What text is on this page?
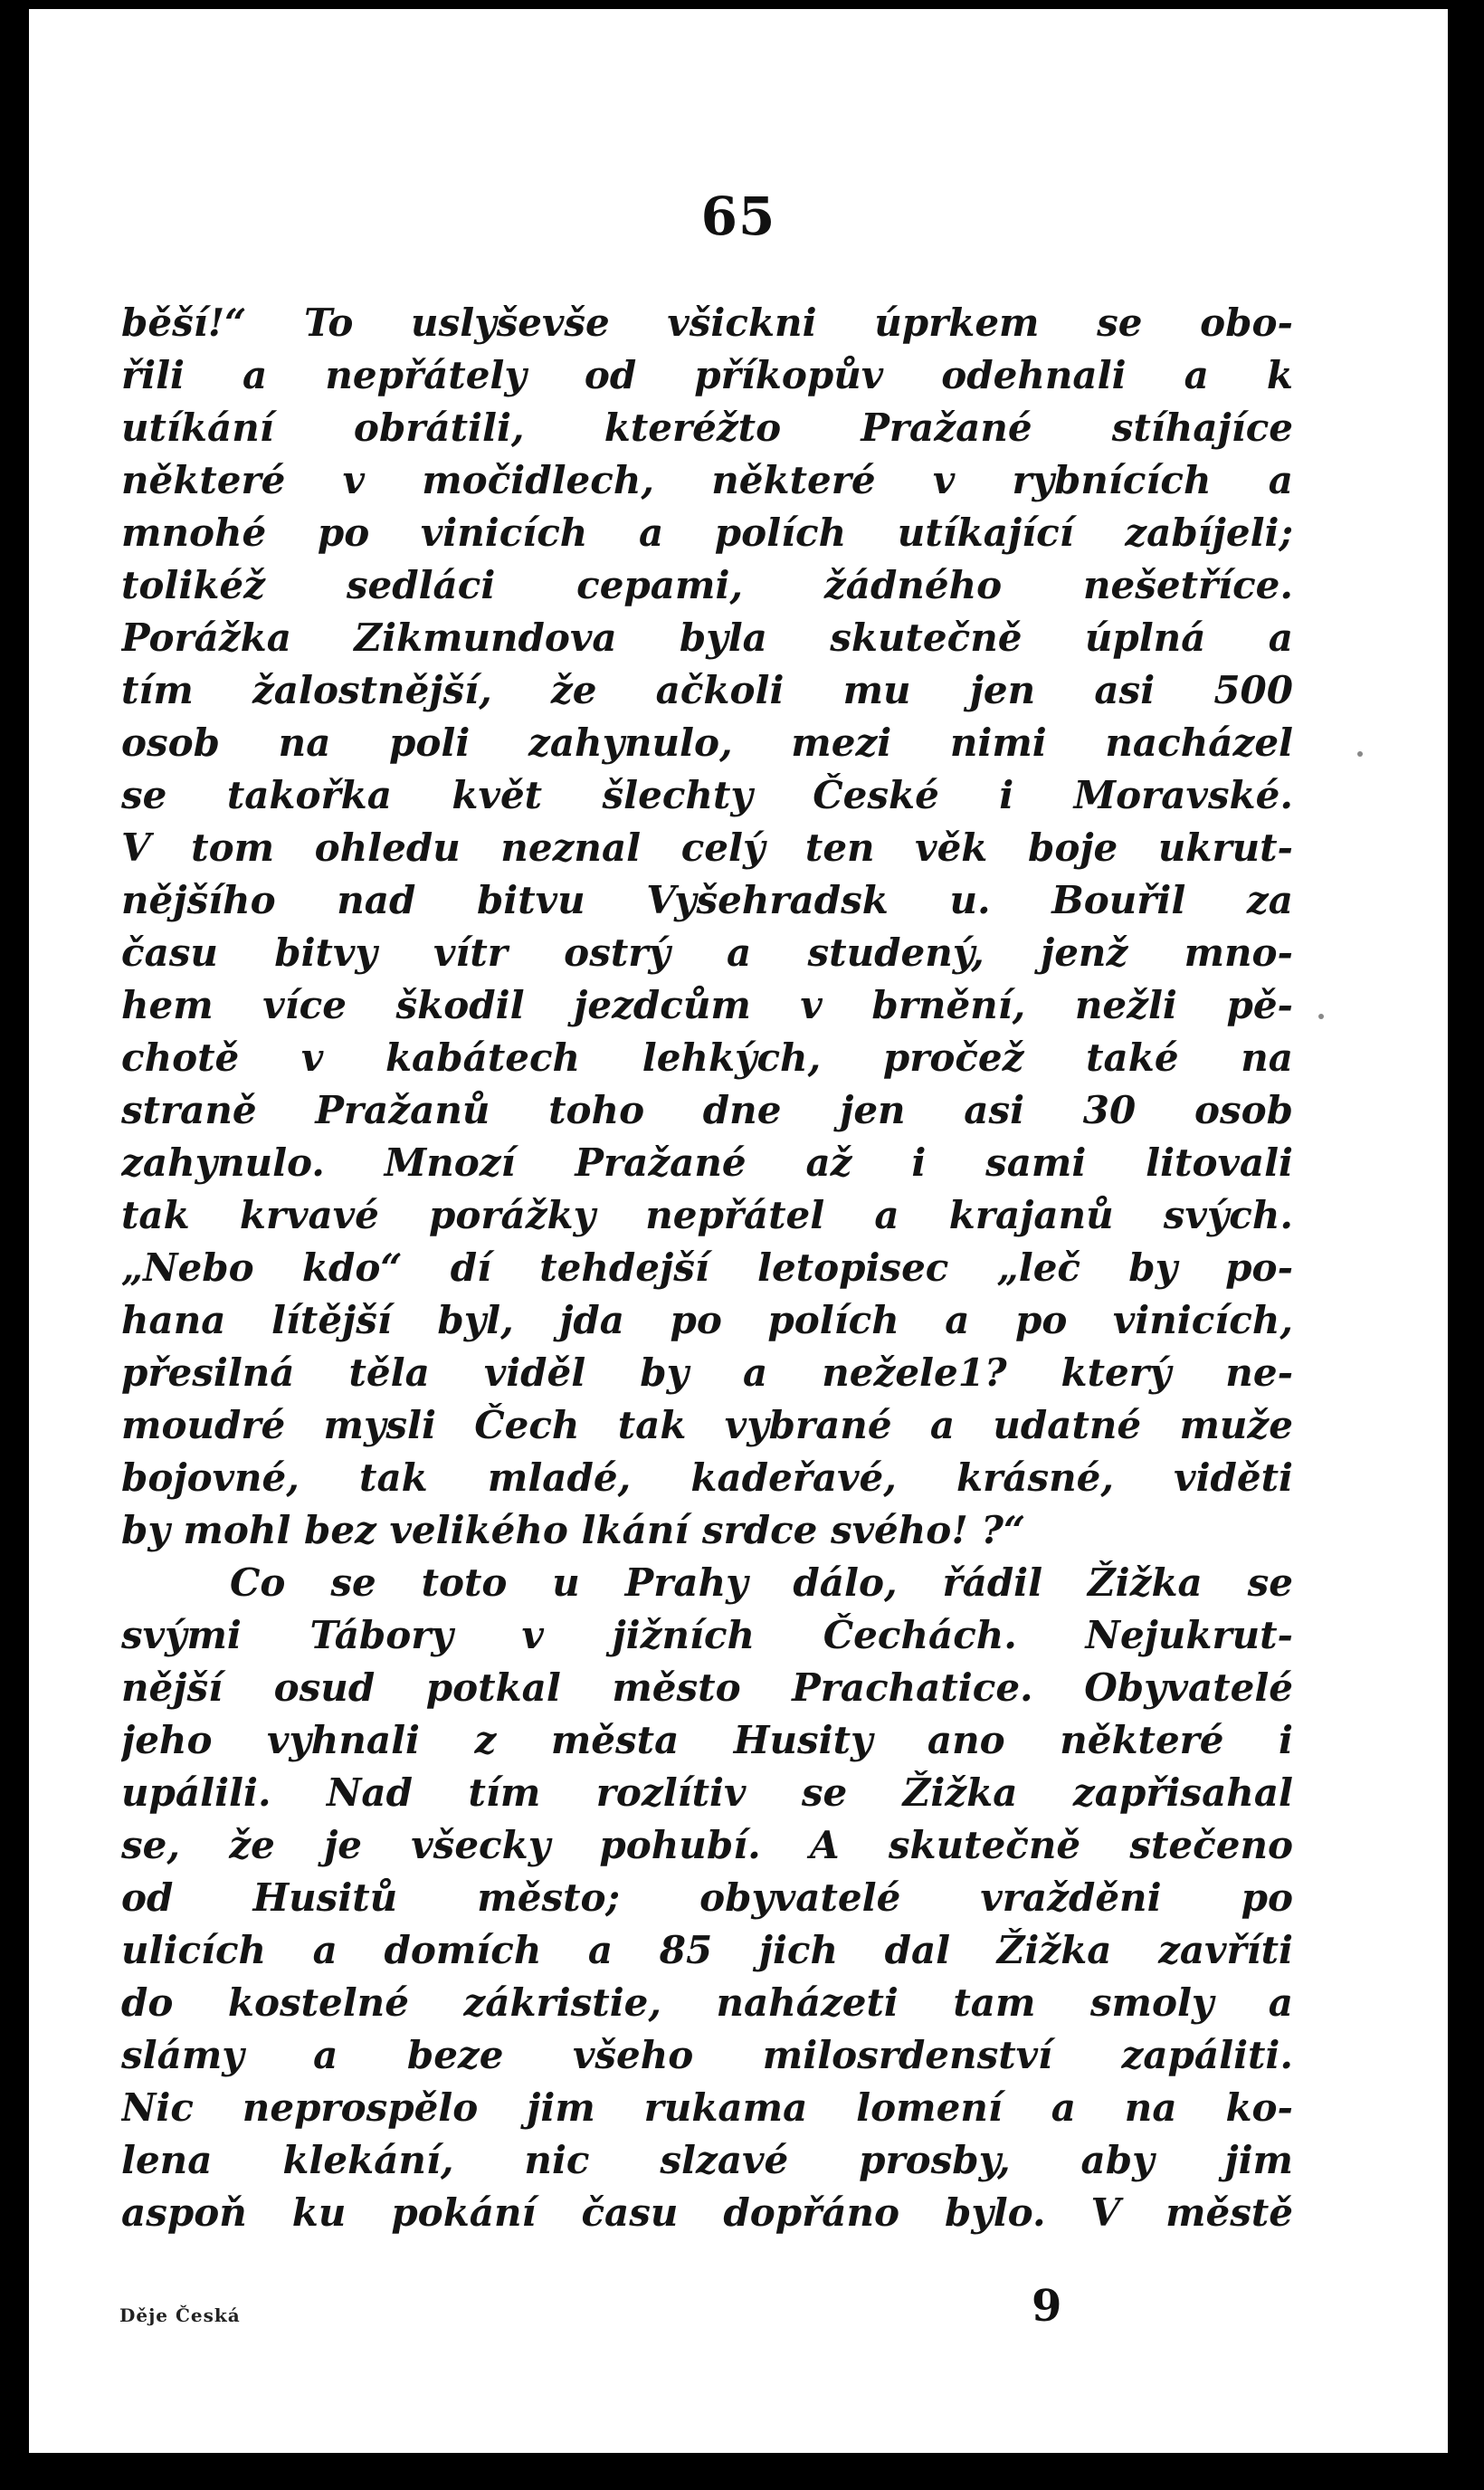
65
běší!“ To uslyševše všickni úprkem se obo-
řili a nepřátely od příkopův odehnali a k
utíkání obrátili, kteréžto Pražané stíhajíce
některé v močidlech, některé v rybnících a
mnohé po vinicích a polích utíkající zabíjeli;
tolikéž sedláci cepami, žádného nešetříce.
Porážka Zikmundova byla skutečně úplná a
tím žalostnější, že ačkoli mu jen asi 500
osob na poli zahynulo, mezi nimi nacházel
se takořka květ šlechty České i Moravské.
V tom ohledu neznal celý ten věk boje ukrut-
nějšího nad bitvu Vyšehradsk u. Bouřil za
času bitvy vítr ostrý a studený, jenž mno-
hem více škodil jezdcům v brnění, nežli pě-
chotě v kabátech lehkých, pročež také na
straně Pražanů toho dne jen asi 30 osob
zahynulo. Mnozí Pražané až i sami litovali
tak krvavé porážky nepřátel a krajanů svých.
„Nebo kdo“ dí tehdejší letopisec „leč by po-
hana lítější byl, jda po polích a po vinicích,
přesilná těla viděl by a nežele1? který ne-
moudré mysli Čech tak vybrané a udatné muže
bojovné, tak mladé, kadeřavé, krásné, viděti
by mohl bez velikého lkání srdce svého! ?“
Co se toto u Prahy dálo, řádil Žižka se
svými Tábory v jižních Čechách. Nejukrut-
nější osud potkal město Prachatice. Obyvatelé
jeho vyhnali z města Husity ano některé i
upálili. Nad tím rozlítiv se Žižka zapřisahal
se, že je všecky pohubí. A skutečně stečeno
od Husitů město; obyvatelé vražděni po
ulicích a domích a 85 jich dal Žižka zavříti
do kostelné zákristie, naházeti tam smoly a
slámy a beze všeho milosrdenství zapáliti.
Nic neprospělo jim rukama lomení a na ko-
lena klekání, nic slzavé prosby, aby jim
aspoň ku pokání času dopřáno bylo. V městě
Děje Česká	9
